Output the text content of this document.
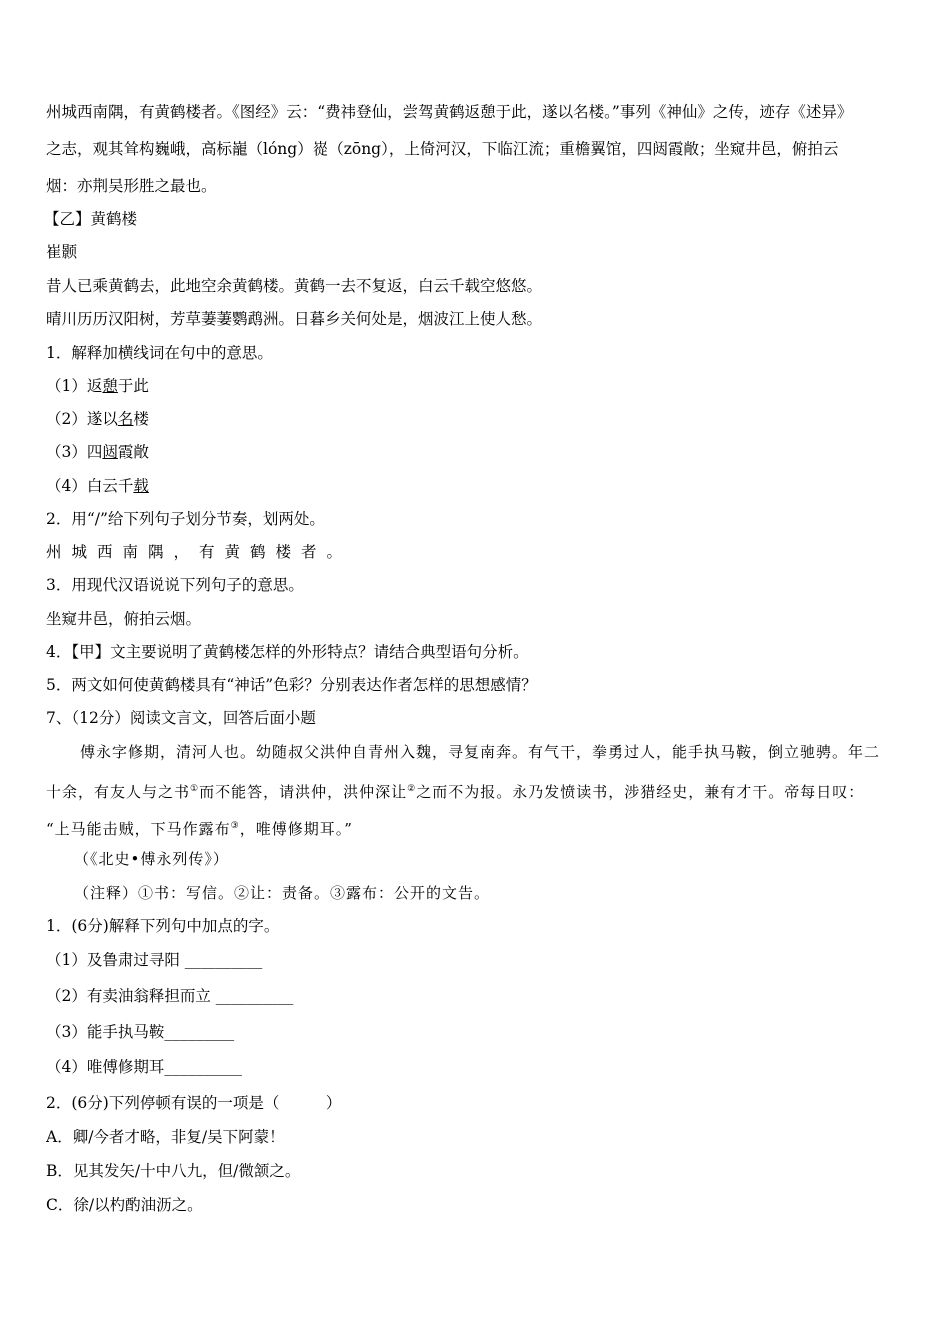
州城西南隅，有黄鹤楼者。《图经》云：“费祎登仙，尝驾黄鹤返憩于此，遂以名楼。”事列《神仙》之传，迹存《述异》
之志，观其耸构巍峨，高标巃（lóng）嵸（zōng），上倚河汉，下临江流；重檐翼馆，四闼霞敞；坐窥井邑，俯拍云
烟：亦荆吴形胜之最也。
【乙】黄鹤楼
崔颢
昔人已乘黄鹤去，此地空余黄鹤楼。黄鹤一去不复返，白云千载空悠悠。
晴川历历汉阳树，芳草萋萋鹦鹉洲。日暮乡关何处是，烟波江上使人愁。
1．解释加横线词在句中的意思。
（1）返憩于此
（2）遂以名楼
（3）四闼霞敞
（4）白云千载
2．用“/”给下列句子划分节奏，划两处。
州城西南隅，有黄鹤楼者。
3．用现代汉语说说下列句子的意思。
坐窥井邑，俯拍云烟。
4．【甲】文主要说明了黄鹤楼怎样的外形特点？请结合典型语句分析。
5．两文如何使黄鹤楼具有“神话”色彩？分别表达作者怎样的思想感情？
7、（12分）阅读文言文，回答后面小题
傅永字修期，清河人也。幼随叔父洪仲自青州入魏，寻复南奔。有气干，拳勇过人，能手执马鞍，倒立驰骋。年二
十余，有友人与之书①而不能答，请洪仲，洪仲深让②之而不为报。永乃发愤读书，涉猎经史，兼有才干。帝每日叹：
“上马能击贼，下马作露布③，唯傅修期耳。”
（《北史•傅永列传》）
（注释）①书：写信。②让：责备。③露布：公开的文告。
1．(6分)解释下列句中加点的字。
（1）及鲁肃过寻阳 __________
（2）有卖油翁释担而立 __________
（3）能手执马鞍_________
（4）唯傅修期耳__________
2．(6分)下列停顿有误的一项是（　　　）
A．卿/今者才略，非复/吴下阿蒙！
B．见其发矢/十中八九，但/微颔之。
C．徐/以杓酌油沥之。
